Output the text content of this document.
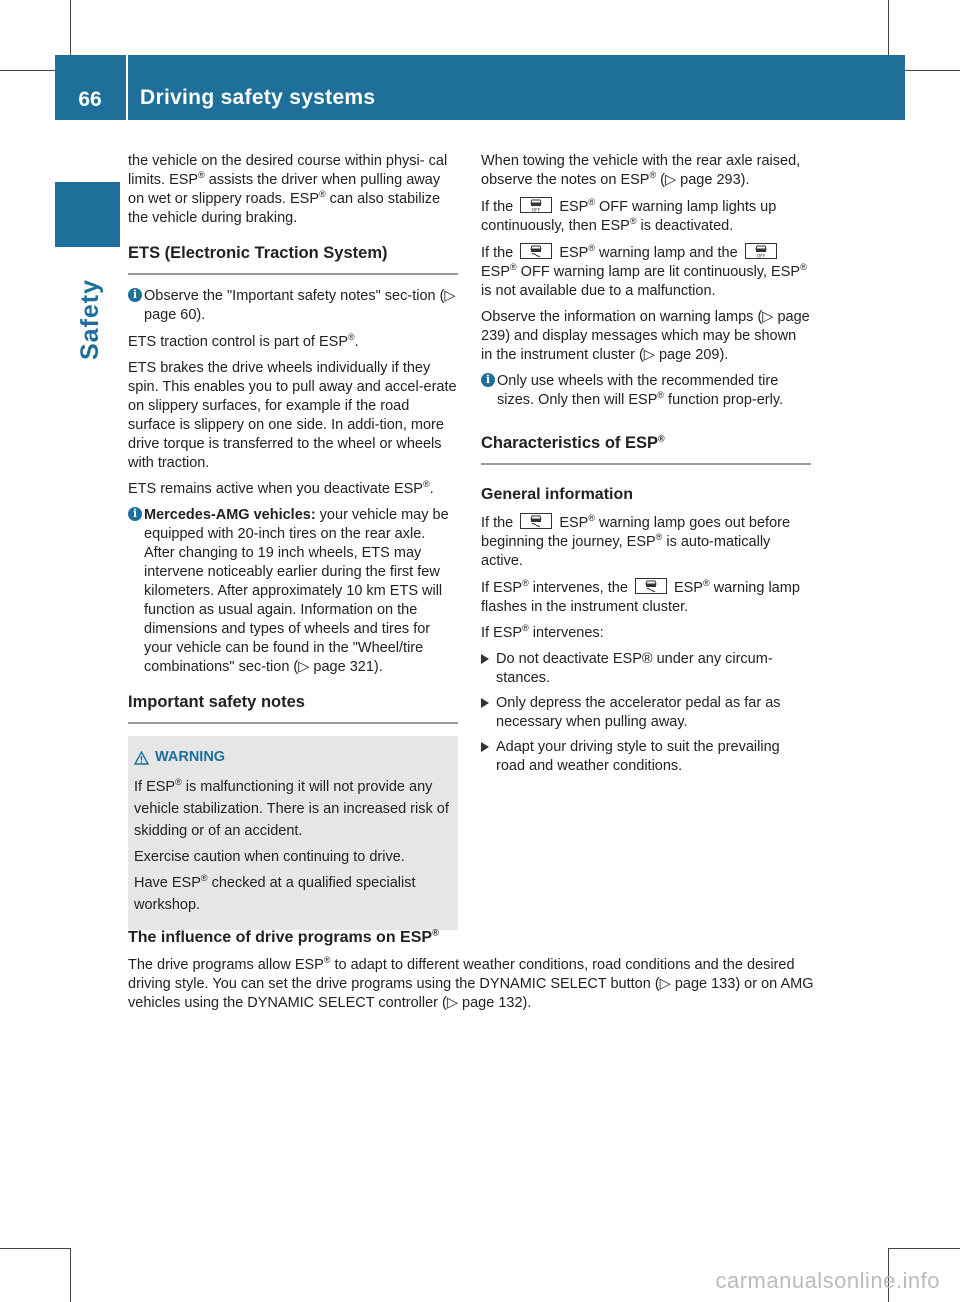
66	Driving safety systems
Safety

the vehicle on the desired course within physi- cal limits. ESP® assists the driver when pulling away on wet or slippery roads. ESP® can also stabilize the vehicle during braking.

ETS (Electronic Traction System)
i Observe the "Important safety notes" sec-tion (▷ page 60).

ETS traction control is part of ESP®.

ETS brakes the drive wheels individually if they spin. This enables you to pull away and accel-erate on slippery surfaces, for example if the road surface is slippery on one side. In addi-tion, more drive torque is transferred to the wheel or wheels with traction.

ETS remains active when you deactivate ESP®.

i Mercedes-AMG vehicles: your vehicle may be equipped with 20-inch tires on the rear axle. After changing to 19 inch wheels, ETS may intervene noticeably earlier during the first few kilometers. After approximately 10 km ETS will function as usual again. Information on the dimensions and types of wheels and tires for your vehicle can be found in the "Wheel/tire combinations" sec-tion (▷ page 321).
Important safety notes
WARNING

If ESP® is malfunctioning it will not provide any vehicle stabilization. There is an increased risk of skidding or of an accident.

Exercise caution when continuing to drive.

Have ESP® checked at a qualified specialist workshop.

When towing the vehicle with the rear axle raised, observe the notes on ESP® (▷ page 293).

If the	OFF ESP® OFF warning lamp lights up continuously, then ESP® is deactivated.

If the	ESP® warning lamp and the	OFF
ESP® OFF warning lamp are lit continuously, ESP® is not available due to a malfunction.

Observe the information on warning lamps (▷ page 239) and display messages which may be shown in the instrument cluster (▷ page 209).

i Only use wheels with the recommended tire sizes. Only then will ESP® function prop-erly.
Characteristics of ESP®
General information

If the	ESP® warning lamp goes out before beginning the journey, ESP® is auto-matically active.

If ESP® intervenes, the	ESP® warning lamp flashes in the instrument cluster.

If ESP® intervenes:

Do not deactivate ESP® under any circum-stances.
Only depress the accelerator pedal as far as necessary when pulling away.
Adapt your driving style to suit the prevailing road and weather conditions.
The influence of drive programs on ESP®

The drive programs allow ESP® to adapt to different weather conditions, road conditions and the desired driving style. You can set the drive programs using the DYNAMIC SELECT button (▷ page 133) or on AMG vehicles using the DYNAMIC SELECT controller (▷ page 132).

carmanualsonline.info
